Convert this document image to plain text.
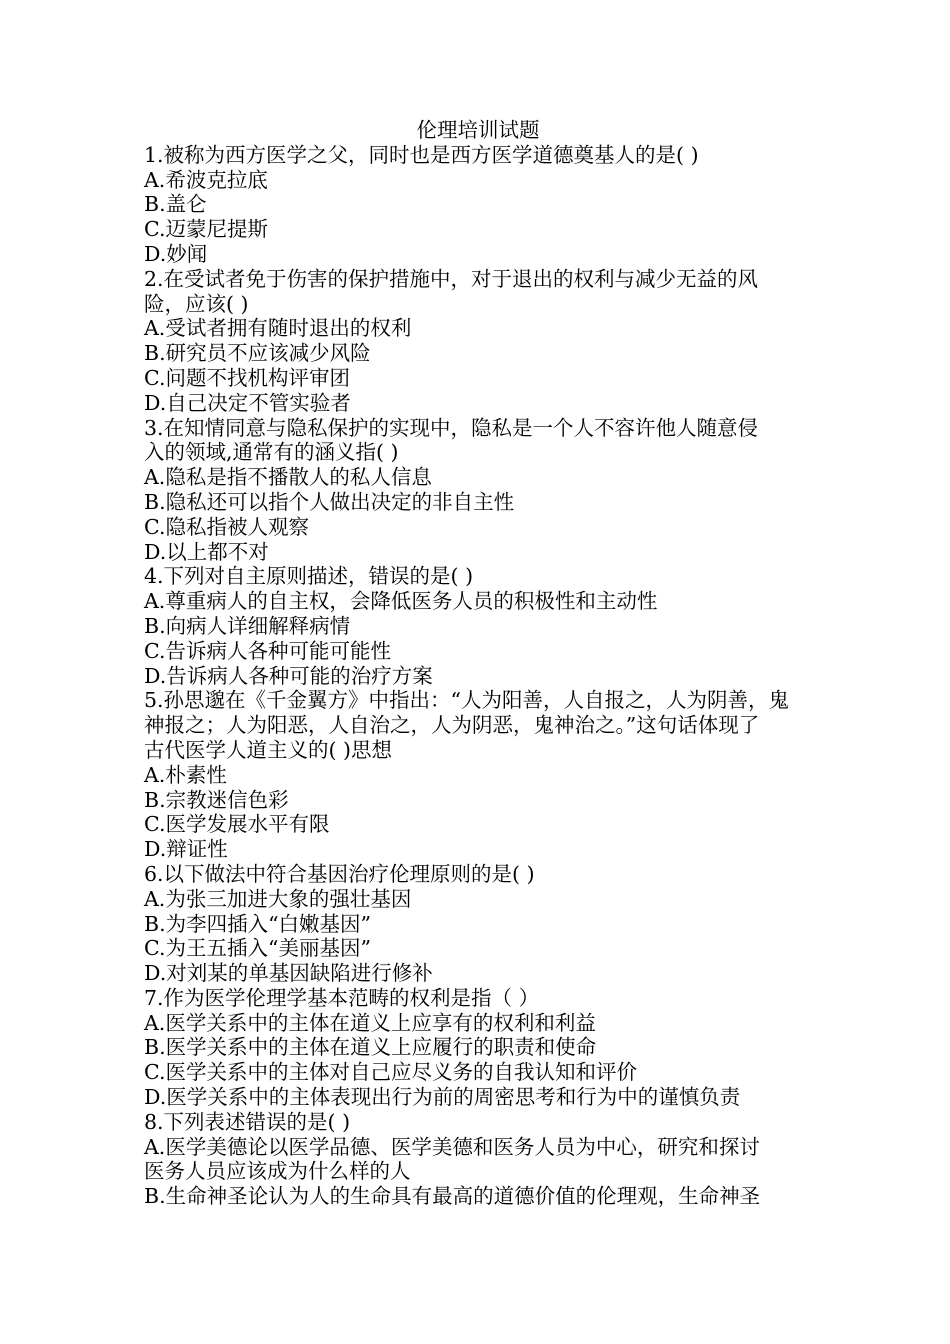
伦理培训试题

1.被称为西方医学之父，同时也是西方医学道德奠基人的是( )

A.希波克拉底

B.盖仑

C.迈蒙尼提斯

D.妙闻

2.在受试者免于伤害的保护措施中，对于退出的权利与减少无益的风

险，应该( )

A.受试者拥有随时退出的权利

B.研究员不应该减少风险

C.问题不找机构评审团

D.自己决定不管实验者

3.在知情同意与隐私保护的实现中，隐私是一个人不容许他人随意侵

入的领域,通常有的涵义指( )

A.隐私是指不播散人的私人信息

B.隐私还可以指个人做出决定的非自主性

C.隐私指被人观察

D.以上都不对

4.下列对自主原则描述，错误的是( )

A.尊重病人的自主权，会降低医务人员的积极性和主动性

B.向病人详细解释病情

C.告诉病人各种可能可能性

D.告诉病人各种可能的治疗方案

5.孙思邈在《千金翼方》中指出：“人为阳善，人自报之，人为阴善，鬼

神报之；人为阳恶，人自治之，人为阴恶，鬼神治之。”这句话体现了

古代医学人道主义的( )思想

A.朴素性

B.宗教迷信色彩

C.医学发展水平有限

D.辩证性

6.以下做法中符合基因治疗伦理原则的是( )

A.为张三加进大象的强壮基因

B.为李四插入“白嫩基因”

C.为王五插入“美丽基因”

D.对刘某的单基因缺陷进行修补

7.作为医学伦理学基本范畴的权利是指（ ）

A.医学关系中的主体在道义上应享有的权利和利益

B.医学关系中的主体在道义上应履行的职责和使命

C.医学关系中的主体对自己应尽义务的自我认知和评价

D.医学关系中的主体表现出行为前的周密思考和行为中的谨慎负责

8.下列表述错误的是( )

A.医学美德论以医学品德、医学美德和医务人员为中心，研究和探讨

医务人员应该成为什么样的人

B.生命神圣论认为人的生命具有最高的道德价值的伦理观，生命神圣
